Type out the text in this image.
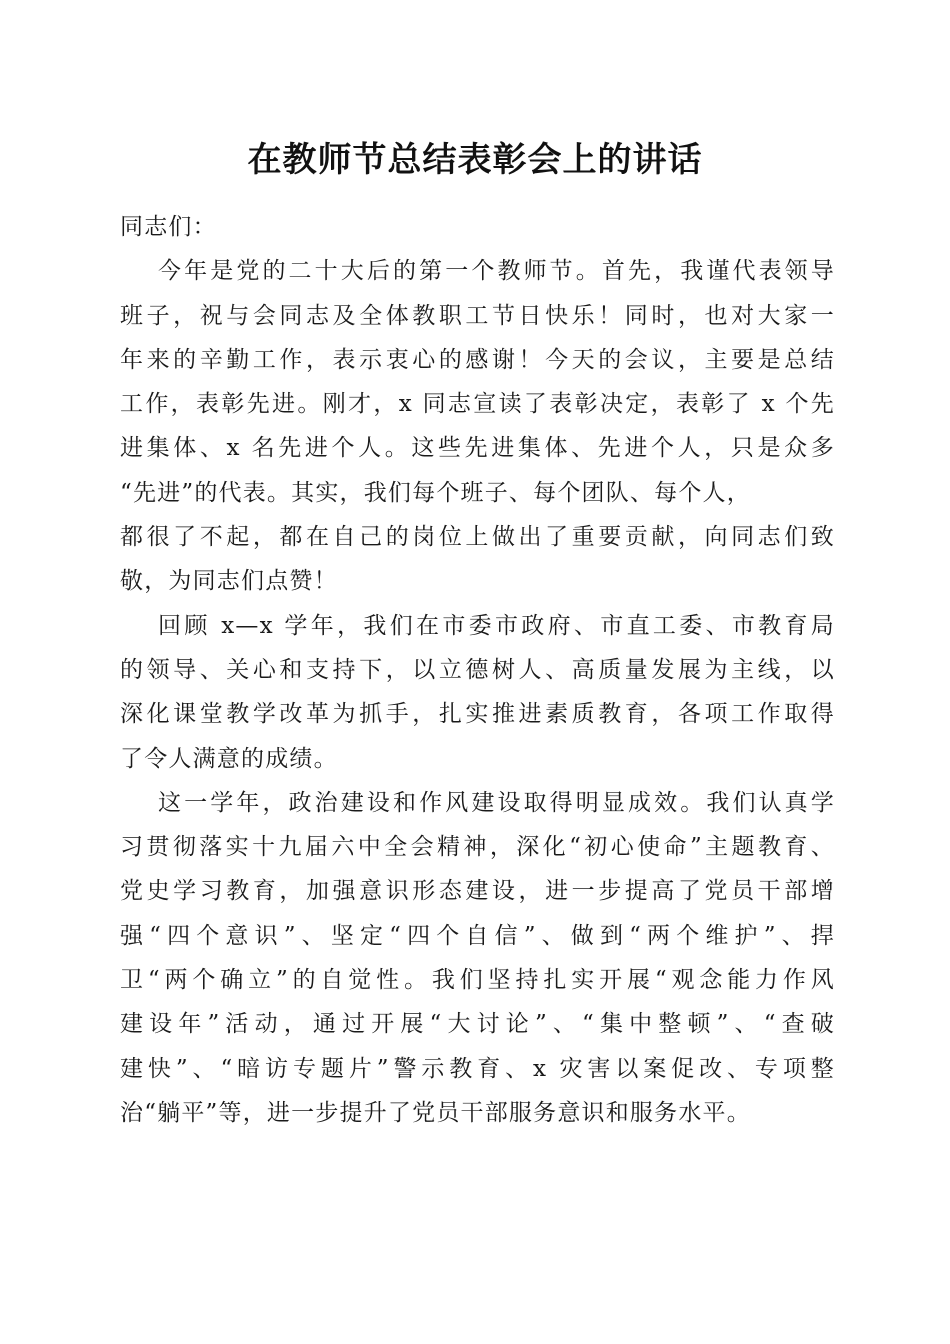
在教师节总结表彰会上的讲话
同志们：
今年是党的二十大后的第一个教师节。首先，我谨代表领导
班子，祝与会同志及全体教职工节日快乐！同时，也对大家一
年来的辛勤工作，表示衷心的感谢！今天的会议，主要是总结
工作，表彰先进。刚才，x 同志宣读了表彰决定，表彰了 x 个先
进集体、x 名先进个人。这些先进集体、先进个人，只是众多
“先进”的代表。其实，我们每个班子、每个团队、每个人，
都很了不起，都在自己的岗位上做出了重要贡献，向同志们致
敬，为同志们点赞！
回顾 x—x 学年，我们在市委市政府、市直工委、市教育局
的领导、关心和支持下，以立德树人、高质量发展为主线，以
深化课堂教学改革为抓手，扎实推进素质教育，各项工作取得
了令人满意的成绩。
这一学年，政治建设和作风建设取得明显成效。我们认真学
习贯彻落实十九届六中全会精神，深化“初心使命”主题教育、
党史学习教育，加强意识形态建设，进一步提高了党员干部增
强“四个意识”、坚定“四个自信”、做到“两个维护”、捍
卫“两个确立”的自觉性。我们坚持扎实开展“观念能力作风
建设年”活动，通过开展“大讨论”、“集中整顿”、“查破
建快”、“暗访专题片”警示教育、x 灾害以案促改、专项整
治“躺平”等，进一步提升了党员干部服务意识和服务水平。
